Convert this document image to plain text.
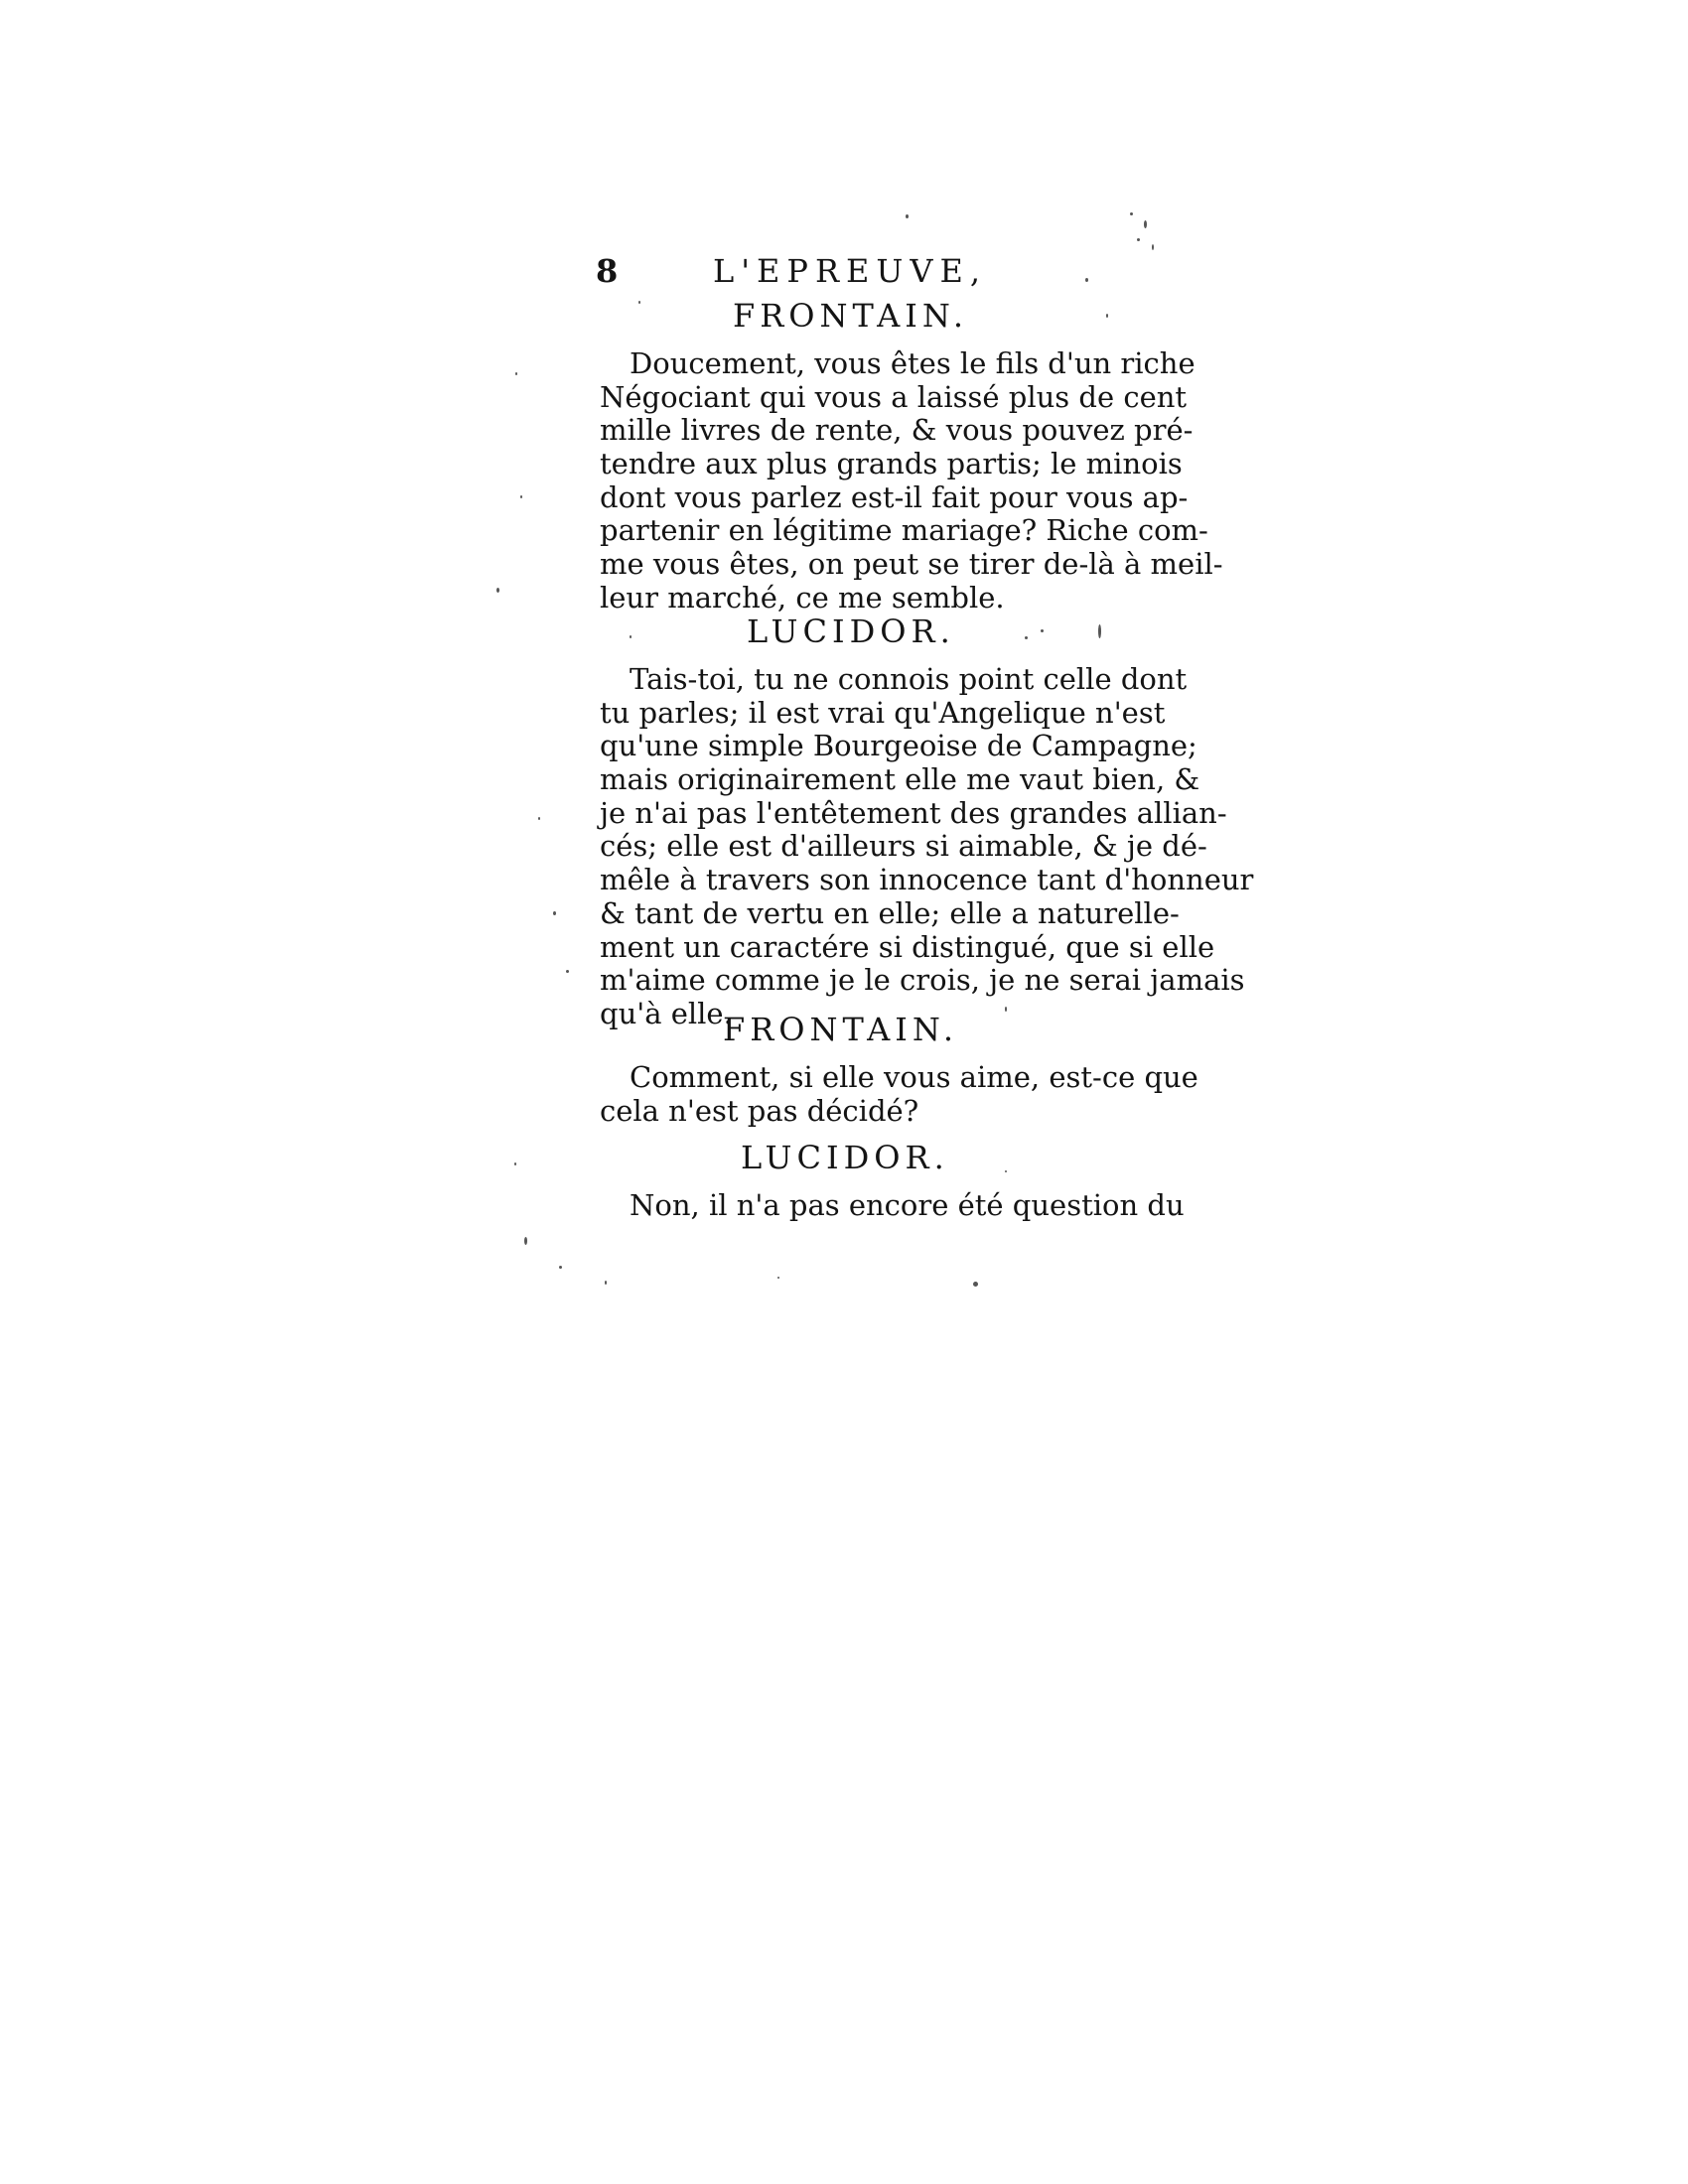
8	L'EPREUVE,
FRONTAIN.
Doucement, vous êtes le fils d'un riche
Négociant qui vous a laissé plus de cent
mille livres de rente, & vous pouvez pré-
tendre aux plus grands partis; le minois
dont vous parlez est-il fait pour vous ap-
partenir en légitime mariage? Riche com-
me vous êtes, on peut se tirer de-là à meil-
leur marché, ce me semble.
LUCIDOR.
Tais-toi, tu ne connois point celle dont
tu parles; il est vrai qu'Angelique n'est
qu'une simple Bourgeoise de Campagne;
mais originairement elle me vaut bien, &
je n'ai pas l'entêtement des grandes allian-
cés; elle est d'ailleurs si aimable, & je dé-
mêle à travers son innocence tant d'honneur
& tant de vertu en elle; elle a naturelle-
ment un caractére si distingué, que si elle
m'aime comme je le crois, je ne serai jamais
qu'à elle.
FRONTAIN.
Comment, si elle vous aime, est-ce que
cela n'est pas décidé?
LUCIDOR.
Non, il n'a pas encore été question du
